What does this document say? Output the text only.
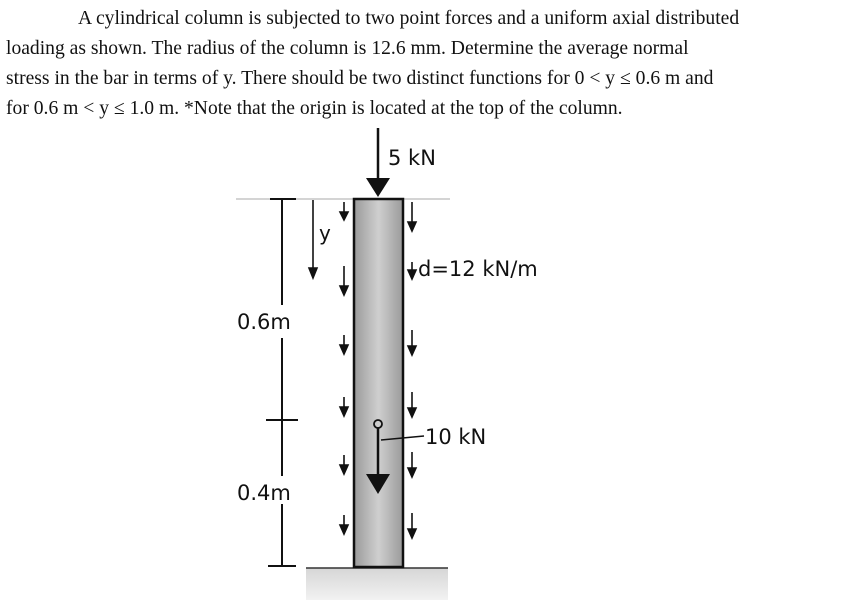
A cylindrical column is subjected to two point forces and a uniform axial distributed

loading as shown. The radius of the column is 12.6 mm. Determine the average normal

stress in the bar in terms of y. There should be two distinct functions for 0 < y ≤ 0.6 m and

for 0.6 m < y ≤ 1.0 m. *Note that the origin is located at the top of the column.

5 kN
d=12 kN/m
y
10 kN
0.6m
0.4m
